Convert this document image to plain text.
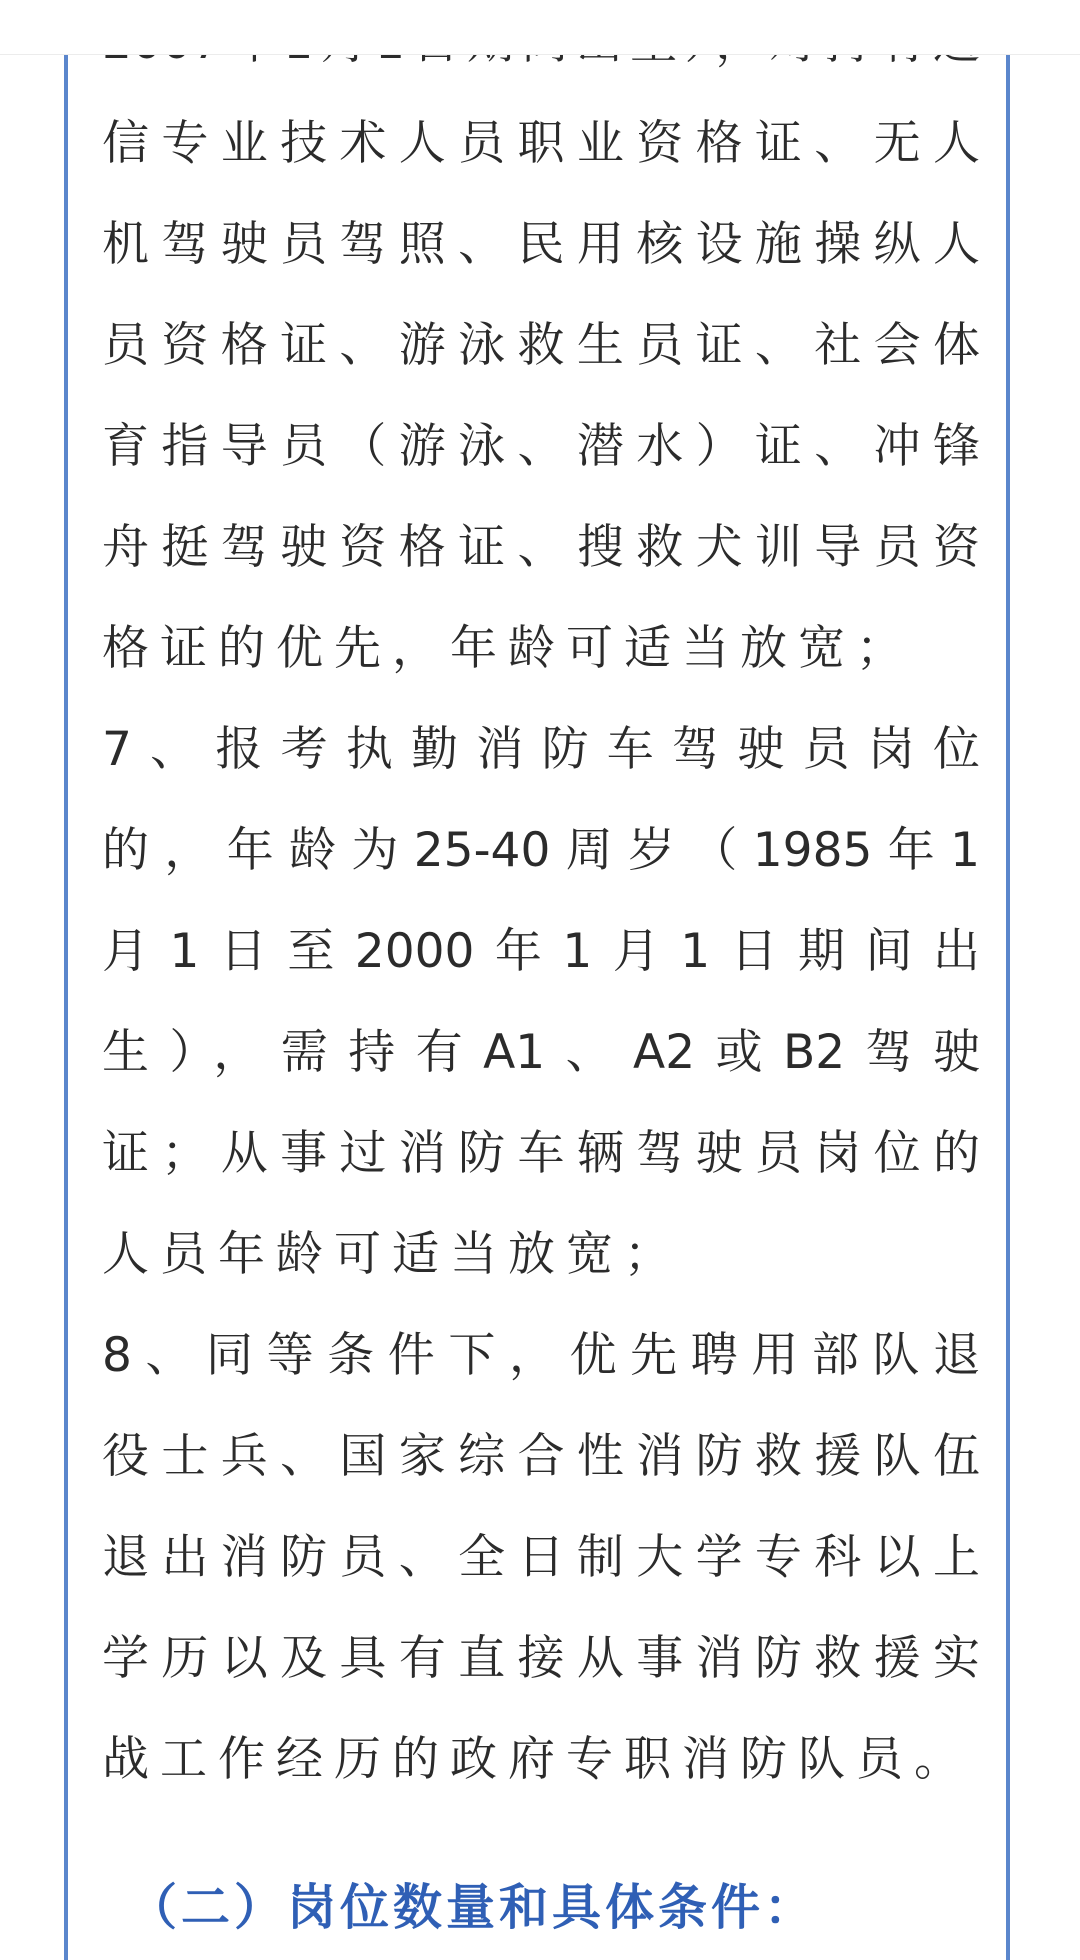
信专业技术人员职业资格证、无人
机驾驶员驾照、民用核设施操纵人
员资格证、游泳救生员证、社会体
育指导员（游泳、潜水）证、冲锋
舟挺驾驶资格证、搜救犬训导员资
格证的优先，年龄可适当放宽；
7、报考执勤消防车驾驶员岗位
的，年龄为25-40周岁（1985年1
月1日至2000年1月1日期间出
生），需持有A1、A2或B2驾驶
证；从事过消防车辆驾驶员岗位的
人员年龄可适当放宽；
8、同等条件下，优先聘用部队退
役士兵、国家综合性消防救援队伍
退出消防员、全日制大学专科以上
学历以及具有直接从事消防救援实
战工作经历的政府专职消防队员。
（二）岗位数量和具体条件：
